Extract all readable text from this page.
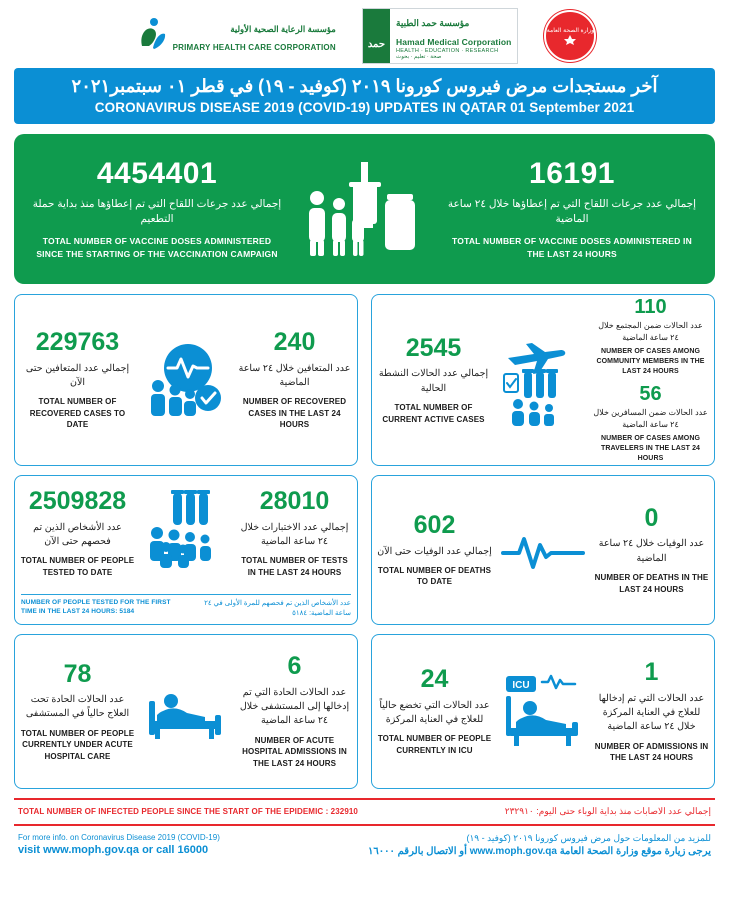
مؤسسة الرعاية الصحية الأولية
PRIMARY HEALTH CARE CORPORATION	حمد
مؤسسة حمد الطبية
Hamad Medical Corporation
HEALTH · EDUCATION · RESEARCH
صحة · تعليم · بحوث
وزارة الصحة العامة
آخر مستجدات مرض فيروس كورونا ٢٠١٩ (كوفيد - ١٩) في قطر ٠١ سبتمبر٢٠٢١
CORONAVIRUS DISEASE 2019 (COVID-19) UPDATES IN QATAR 01 September 2021
4454401
إجمالي عدد جرعات اللقاح التي تم إعطاؤها منذ بداية حملة التطعيم
TOTAL NUMBER OF VACCINE DOSES ADMINISTERED SINCE THE STARTING OF THE VACCINATION CAMPAIGN
16191
إجمالي عدد جرعات اللقاح التي تم إعطاؤها خلال ٢٤ ساعة الماضية
TOTAL NUMBER OF VACCINE DOSES ADMINISTERED IN THE LAST 24 HOURS
229763
إجمالي عدد المتعافين حتى الآن
TOTAL NUMBER OF RECOVERED CASES TO DATE
240
عدد المتعافين خلال ٢٤ ساعة الماضية
NUMBER OF RECOVERED CASES IN THE LAST 24 HOURS
2545
إجمالي عدد الحالات النشطة الحالية
TOTAL NUMBER OF CURRENT ACTIVE CASES
110
عدد الحالات ضمن المجتمع خلال ٢٤ ساعة الماضية
NUMBER OF CASES AMONG COMMUNITY MEMBERS IN THE LAST 24 HOURS
56
عدد الحالات ضمن المسافرين خلال ٢٤ ساعة الماضية
NUMBER OF CASES AMONG TRAVELERS IN THE LAST 24 HOURS
2509828
عدد الأشخاص الذين تم فحصهم حتى الآن
TOTAL NUMBER OF PEOPLE TESTED TO DATE
28010
إجمالي عدد الاختبارات خلال ٢٤ ساعة الماضية
TOTAL NUMBER OF TESTS IN THE LAST 24 HOURS
NUMBER OF PEOPLE TESTED FOR THE FIRST TIME IN THE LAST 24 HOURS: 5184
عدد الأشخاص الذين تم فحصهم للمرة الأولى في ٢٤ ساعة الماضية: ٥١٨٤
602
إجمالي عدد الوفيات حتى الآن
TOTAL NUMBER OF DEATHS TO DATE
0
عدد الوفيات خلال ٢٤ ساعة الماضية
NUMBER OF DEATHS IN THE LAST 24 HOURS
78
عدد الحالات الحادة تحت العلاج حالياً في المستشفى
TOTAL NUMBER OF PEOPLE CURRENTLY UNDER ACUTE HOSPITAL CARE
6
عدد الحالات الحادة التي تم إدخالها إلى المستشفى خلال ٢٤ ساعة الماضية
NUMBER OF ACUTE HOSPITAL ADMISSIONS IN THE LAST 24 HOURS
24
عدد الحالات التي تخضع حالياً للعلاج في العناية المركزة
TOTAL NUMBER OF PEOPLE CURRENTLY IN ICU
ICU	1
عدد الحالات التي تم إدخالها للعلاج في العناية المركزة خلال ٢٤ ساعة الماضية
NUMBER OF ADMISSIONS IN THE LAST 24 HOURS
TOTAL NUMBER OF INFECTED PEOPLE SINCE THE START OF THE EPIDEMIC : 232910	إجمالي عدد الاصابات منذ بداية الوباء حتى اليوم: ٢٣٢٩١٠
For more info. on Coronavirus Disease 2019 (COVID-19)
visit www.moph.gov.qa or call 16000
للمزيد من المعلومات حول مرض فيروس كورونا ٢٠١٩ (كوفيد - ١٩)
يرجى زيارة موقع وزارة الصحة العامة www.moph.gov.qa أو الاتصال بالرقم ١٦٠٠٠
